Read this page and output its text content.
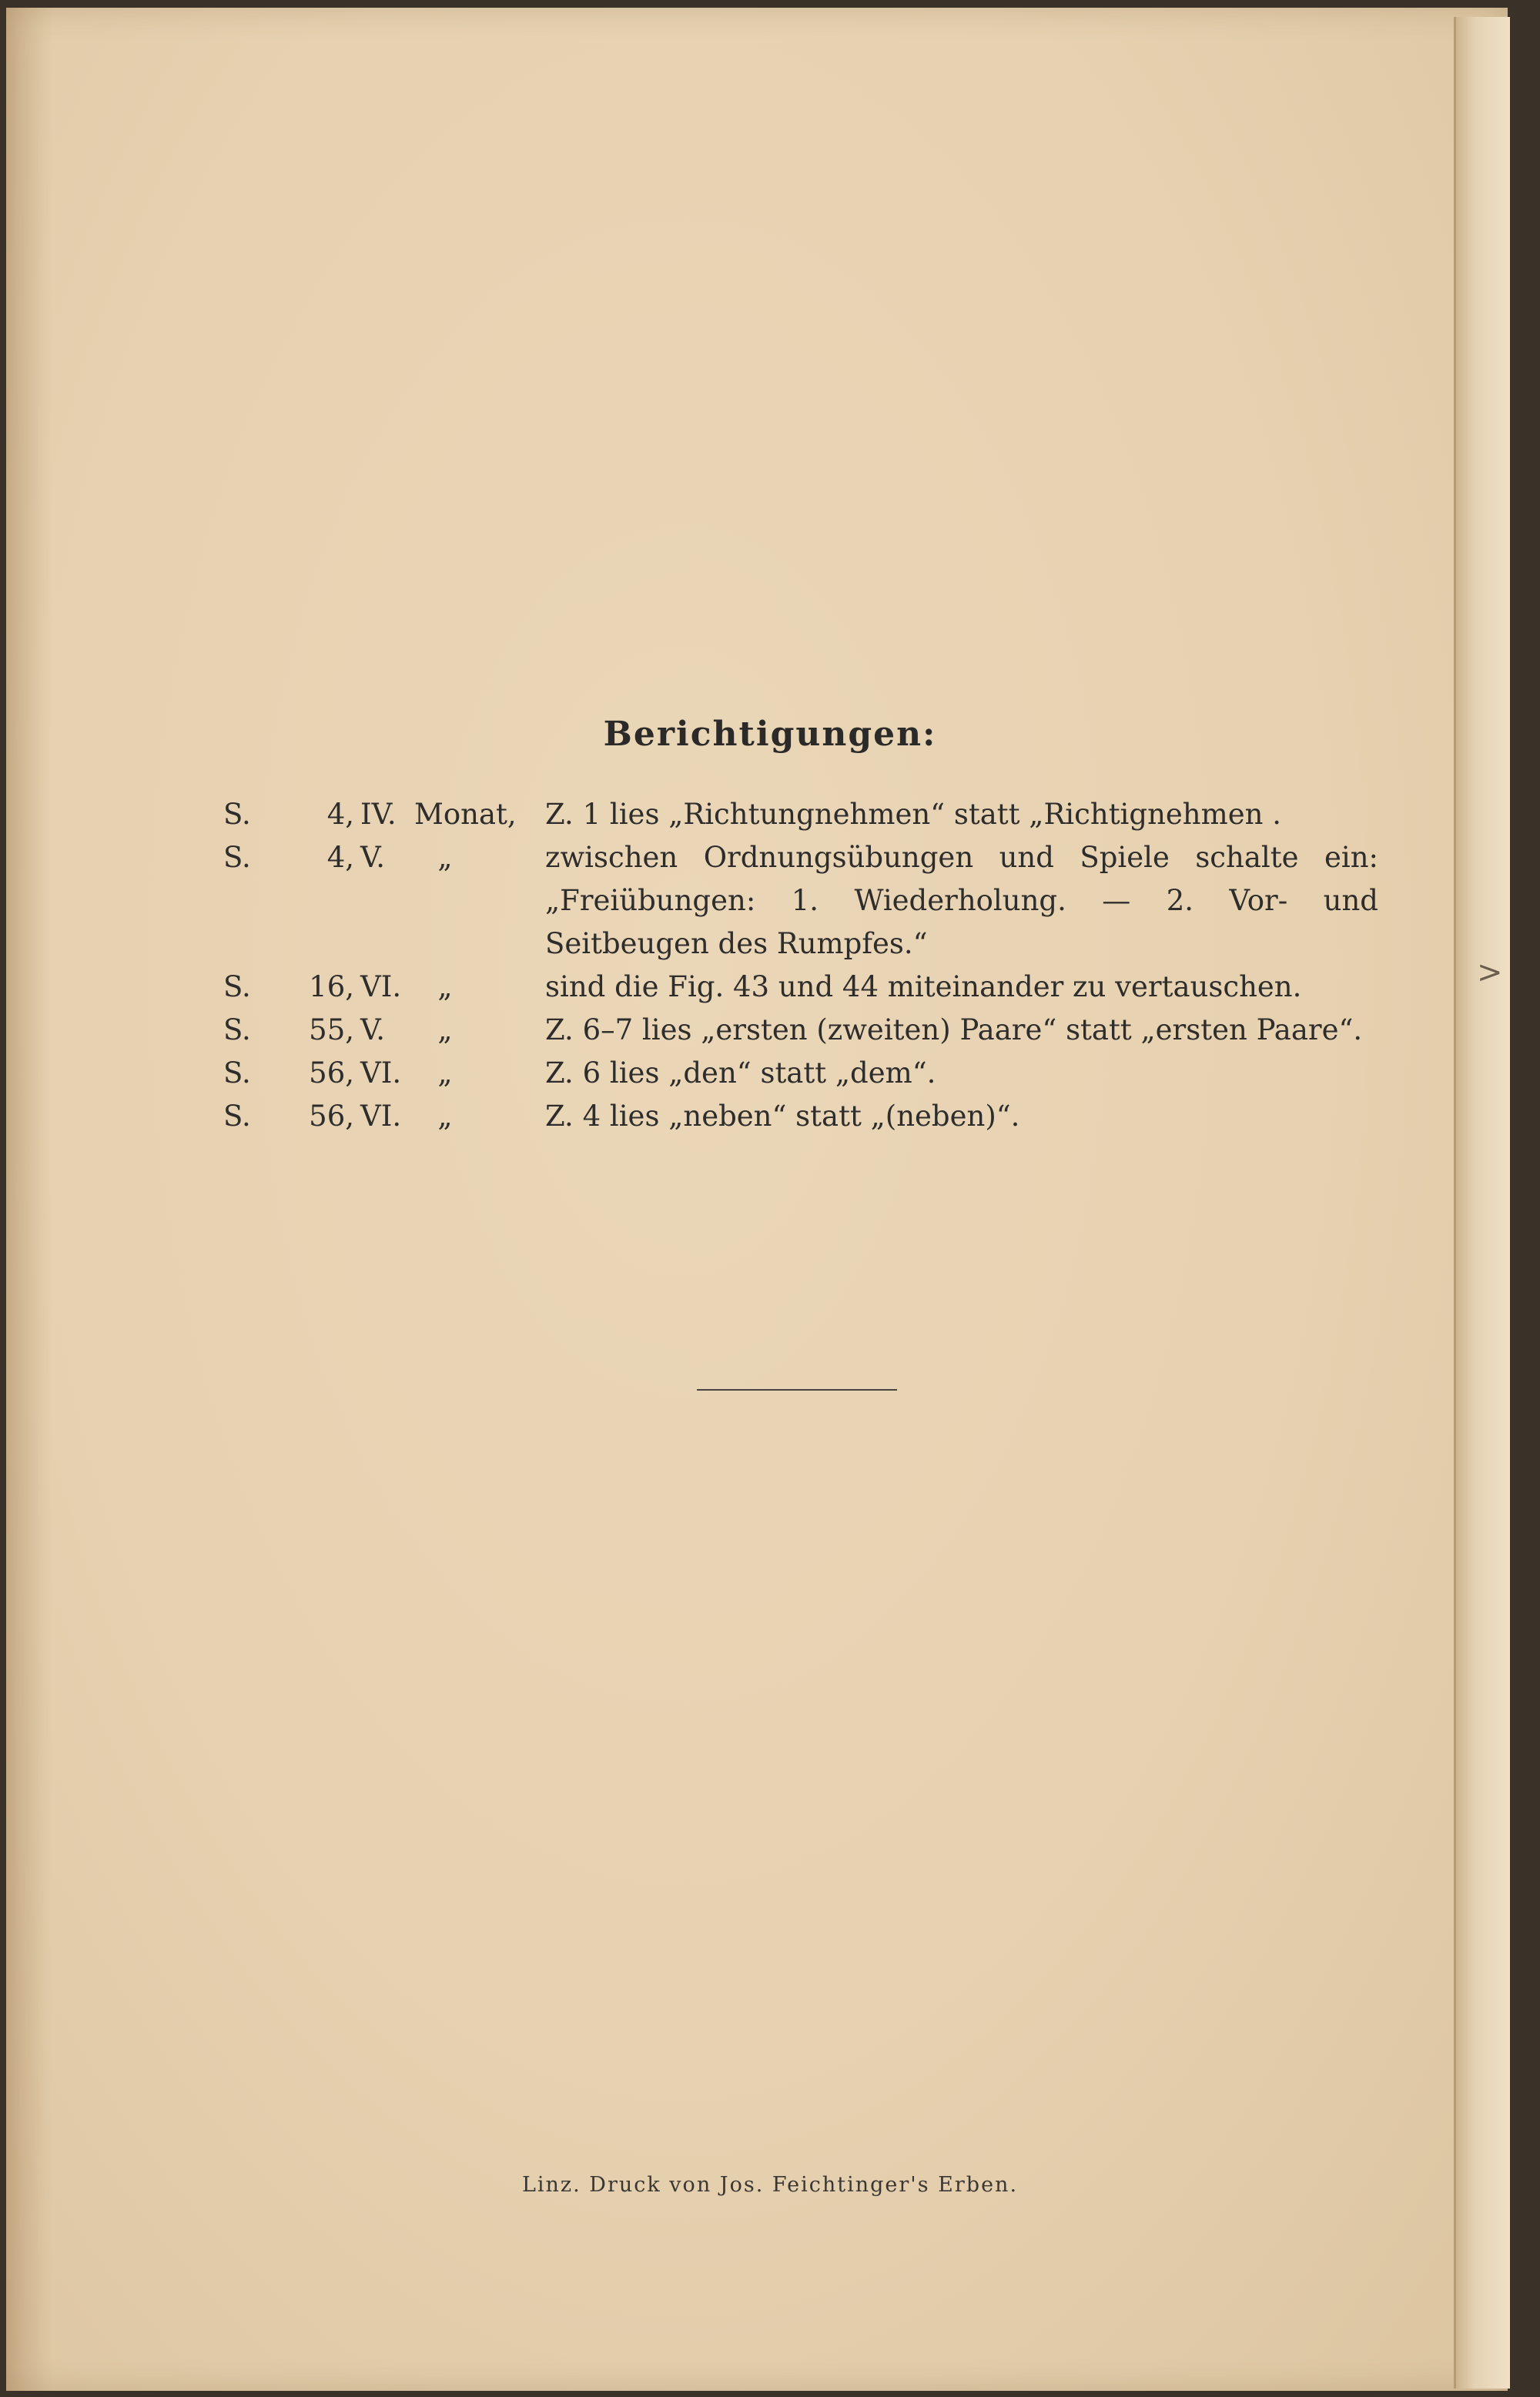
>
Berichtigungen:
S.	4, IV. Monat,	Z. 1 lies „Richtungnehmen“ statt „Richtignehmen .
S.	4, V.	„	zwischen Ordnungsübungen und Spiele schalte ein: „Freiübungen: 1. Wiederholung. — 2. Vor- und Seitbeugen des Rumpfes.“
S.	16, VI.	„	sind die Fig. 43 und 44 miteinander zu vertauschen.
S.	55, V.	„	Z. 6–7 lies „ersten (zweiten) Paare“ statt „ersten Paare“.
S.	56, VI.	„	Z. 6 lies „den“ statt „dem“.
S.	56, VI.	„	Z. 4 lies „neben“ statt „(neben)“.
Linz. Druck von Jos. Feichtinger's Erben.
